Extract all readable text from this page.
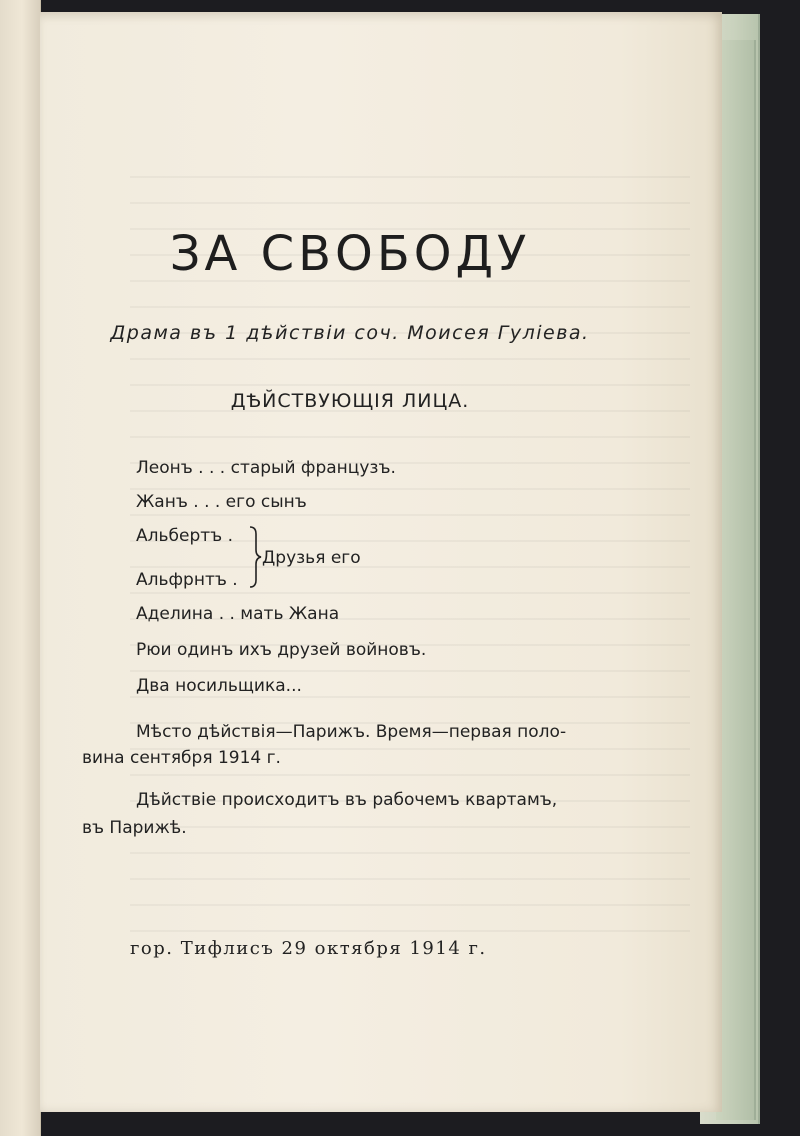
ЗА СВОБОДУ
Драма въ 1 дѣйствіи соч. Моисея Гуліева.
ДѢЙСТВУЮЩІЯ ЛИЦА.
Леонъ . . . старый французъ.
Жанъ . . . его сынъ
Альбертъ .
Альфрнтъ .
Друзья его
Аделина . . мать Жана
Рюи одинъ ихъ друзей войновъ.
Два носильщика...
Мѣсто дѣйствія—Парижъ. Время—первая поло-
вина сентября 1914 г.
Дѣйствіе происходитъ въ рабочемъ квартамъ,
въ Парижѣ.
гор. Тифлисъ 29 октября 1914 г.
